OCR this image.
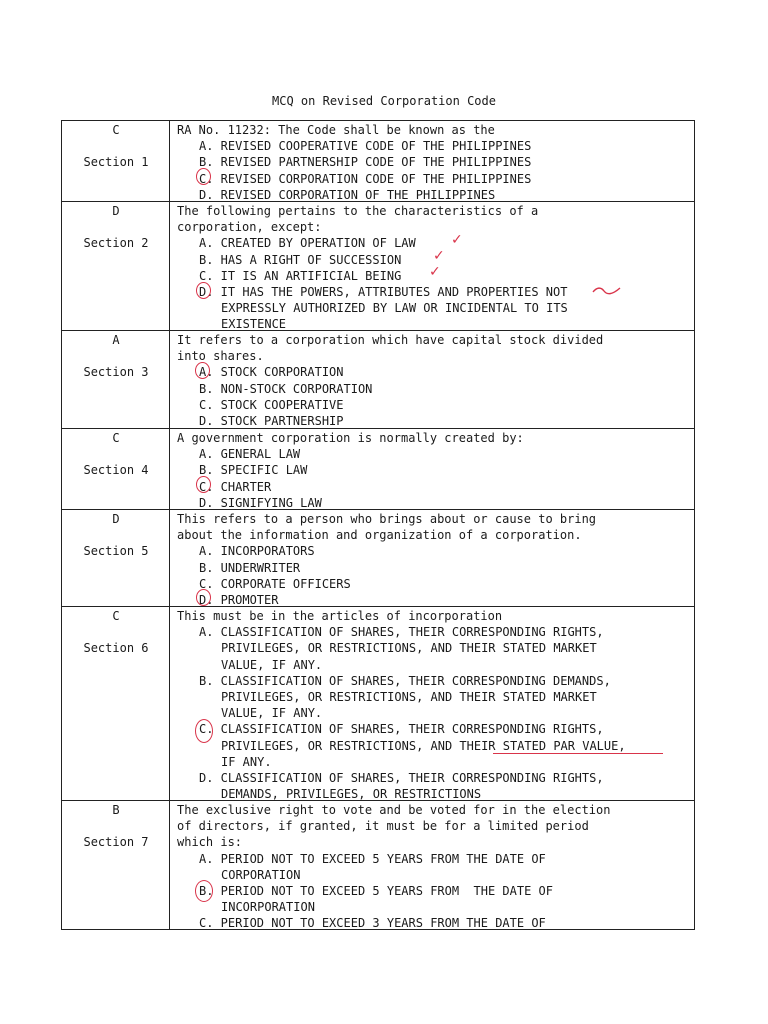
MCQ on Revised Corporation Code
C
Section 1
RA No. 11232: The Code shall be known as the
A. REVISED COOPERATIVE CODE OF THE PHILIPPINES
B. REVISED PARTNERSHIP CODE OF THE PHILIPPINES
C. REVISED CORPORATION CODE OF THE PHILIPPINES
D. REVISED CORPORATION OF THE PHILIPPINES
D
Section 2
The following pertains to the characteristics of a
corporation, except:
A. CREATED BY OPERATION OF LAW
B. HAS A RIGHT OF SUCCESSION
C. IT IS AN ARTIFICIAL BEING
D. IT HAS THE POWERS, ATTRIBUTES AND PROPERTIES NOT
EXPRESSLY AUTHORIZED BY LAW OR INCIDENTAL TO ITS
EXISTENCE
A
Section 3
It refers to a corporation which have capital stock divided
into shares.
A. STOCK CORPORATION
B. NON-STOCK CORPORATION
C. STOCK COOPERATIVE
D. STOCK PARTNERSHIP
C
Section 4
A government corporation is normally created by:
A. GENERAL LAW
B. SPECIFIC LAW
C. CHARTER
D. SIGNIFYING LAW
D
Section 5
This refers to a person who brings about or cause to bring
about the information and organization of a corporation.
A. INCORPORATORS
B. UNDERWRITER
C. CORPORATE OFFICERS
D. PROMOTER
C
Section 6
This must be in the articles of incorporation
A. CLASSIFICATION OF SHARES, THEIR CORRESPONDING RIGHTS,
PRIVILEGES, OR RESTRICTIONS, AND THEIR STATED MARKET
VALUE, IF ANY.
B. CLASSIFICATION OF SHARES, THEIR CORRESPONDING DEMANDS,
PRIVILEGES, OR RESTRICTIONS, AND THEIR STATED MARKET
VALUE, IF ANY.
C. CLASSIFICATION OF SHARES, THEIR CORRESPONDING RIGHTS,
PRIVILEGES, OR RESTRICTIONS, AND THEIR STATED PAR VALUE,
IF ANY.
D. CLASSIFICATION OF SHARES, THEIR CORRESPONDING RIGHTS,
DEMANDS, PRIVILEGES, OR RESTRICTIONS
B
Section 7
The exclusive right to vote and be voted for in the election
of directors, if granted, it must be for a limited period
which is:
A. PERIOD NOT TO EXCEED 5 YEARS FROM THE DATE OF
CORPORATION
B. PERIOD NOT TO EXCEED 5 YEARS FROM  THE DATE OF
INCORPORATION
C. PERIOD NOT TO EXCEED 3 YEARS FROM THE DATE OF
✓
✓
✓
